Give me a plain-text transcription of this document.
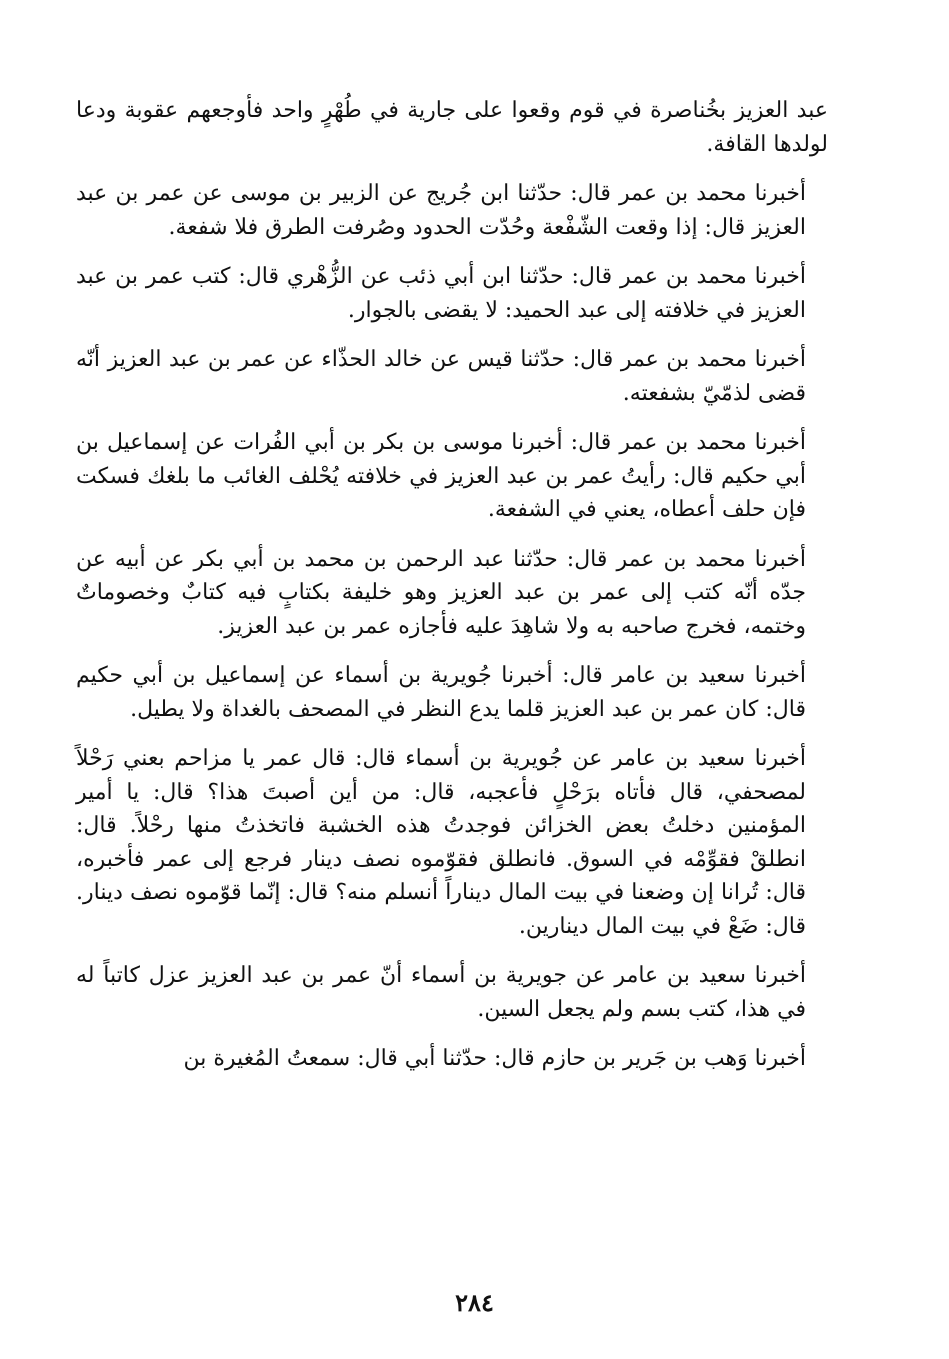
عبد العزيز بخُناصرة في قوم وقعوا على جارية في طُهْرٍ واحد فأوجعهم عقوبة ودعا لولدها القافة.

أخبرنا محمد بن عمر قال: حدّثنا ابن جُريج عن الزبير بن موسى عن عمر بن عبد العزيز قال: إذا وقعت الشّفْعة وحُدّت الحدود وصُرفت الطرق فلا شفعة.

أخبرنا محمد بن عمر قال: حدّثنا ابن أبي ذئب عن الزُّهْري قال: كتب عمر بن عبد العزيز في خلافته إلى عبد الحميد: لا يقضى بالجوار.

أخبرنا محمد بن عمر قال: حدّثنا قيس عن خالد الحذّاء عن عمر بن عبد العزيز أنّه قضى لذمّيّ بشفعته.

أخبرنا محمد بن عمر قال: أخبرنا موسى بن بكر بن أبي الفُرات عن إسماعيل بن أبي حكيم قال: رأيتُ عمر بن عبد العزيز في خلافته يُحْلف الغائب ما بلغك فسكت فإن حلف أعطاه، يعني في الشفعة.

أخبرنا محمد بن عمر قال: حدّثنا عبد الرحمن بن محمد بن أبي بكر عن أبيه عن جدّه أنّه كتب إلى عمر بن عبد العزيز وهو خليفة بكتابٍ فيه كتابٌ وخصوماتٌ وختمه، فخرج صاحبه به ولا شاهِدَ عليه فأجازه عمر بن عبد العزيز.

أخبرنا سعيد بن عامر قال: أخبرنا جُويرية بن أسماء عن إسماعيل بن أبي حكيم قال: كان عمر بن عبد العزيز قلما يدع النظر في المصحف بالغداة ولا يطيل.

أخبرنا سعيد بن عامر عن جُويرية بن أسماء قال: قال عمر يا مزاحم بعني رَحْلاً لمصحفي، قال فأتاه برَحْلٍ فأعجبه، قال: من أين أصبتَ هذا؟ قال: يا أمير المؤمنين دخلتُ بعض الخزائن فوجدتُ هذه الخشبة فاتخذتُ منها رحْلاً. قال: انطلقْ فقوِّمْه في السوق. فانطلق فقوّموه نصف دينار فرجع إلى عمر فأخبره، قال: تُرانا إن وضعنا في بيت المال ديناراً أنسلم منه؟ قال: إنّما قوّموه نصف دينار. قال: ضَعْ في بيت المال دينارين.

أخبرنا سعيد بن عامر عن جويرية بن أسماء أنّ عمر بن عبد العزيز عزل كاتباً له في هذا، كتب بسم ولم يجعل السين.

أخبرنا وَهب بن جَرير بن حازم قال: حدّثنا أبي قال: سمعتُ المُغيرة بن

٢٨٤
